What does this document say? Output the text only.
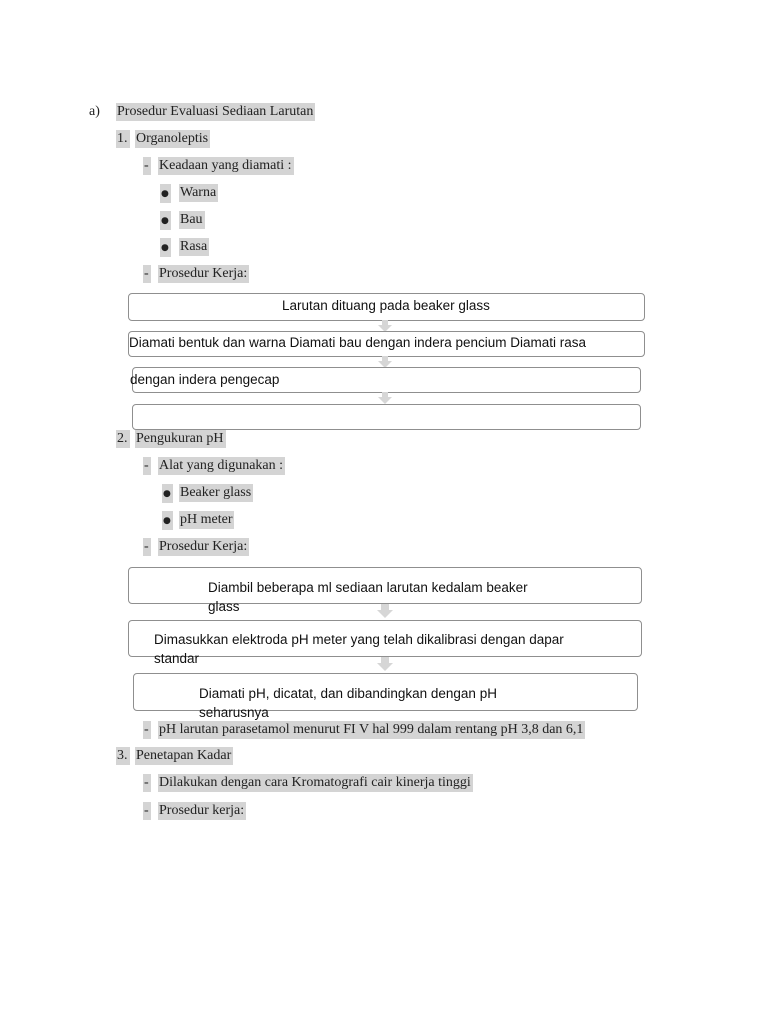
a) Prosedur Evaluasi Sediaan Larutan
1. Organoleptis
- Keadaan yang diamati :
● Warna
● Bau
● Rasa
- Prosedur Kerja:
Larutan dituang pada beaker glass
Diamati bentuk dan warna Diamati bau dengan indera pencium Diamati rasa
dengan indera pengecap
2. Pengukuran pH
- Alat yang digunakan :
● Beaker glass
● pH meter
- Prosedur Kerja:
Diambil beberapa ml sediaan larutan kedalam beaker
glass
Dimasukkan elektroda pH meter yang telah dikalibrasi dengan dapar
standar
Diamati pH, dicatat, dan dibandingkan dengan pH
seharusnya
- pH larutan parasetamol menurut FI V hal 999 dalam rentang pH 3,8 dan 6,1
3. Penetapan Kadar
- Dilakukan dengan cara Kromatografi cair kinerja tinggi
- Prosedur kerja:
